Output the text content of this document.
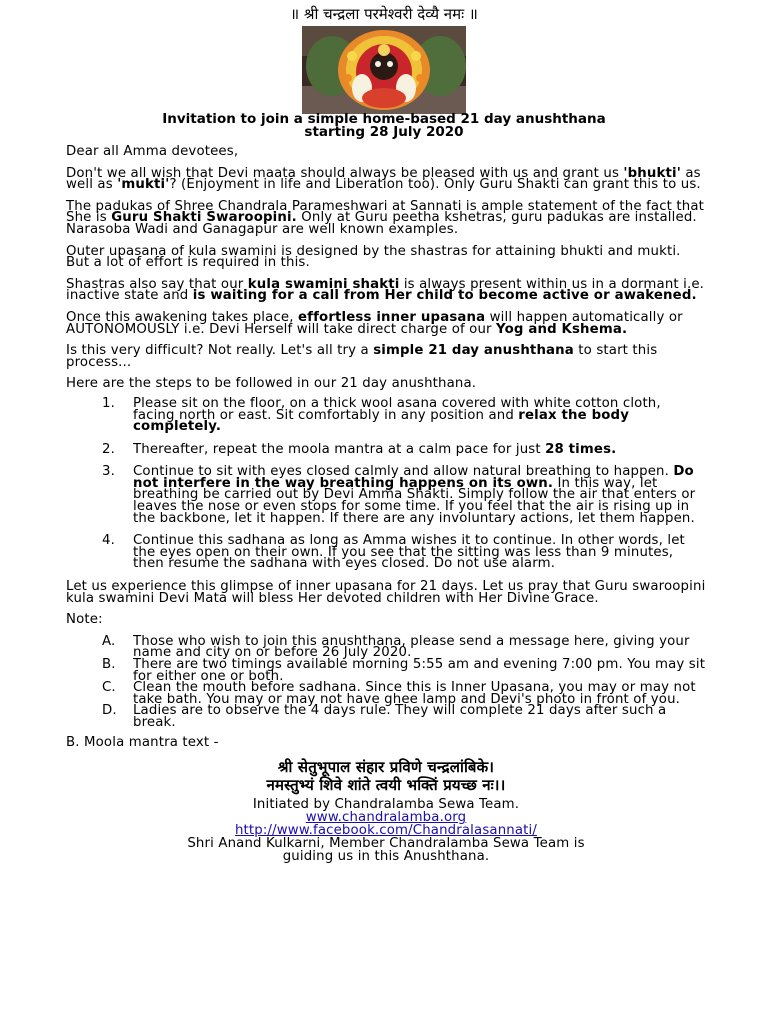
॥ श्री चन्द्रला परमेश्वरी देव्यै नमः ॥
Invitation to join a simple home-based 21 day anushthana
starting 28 July 2020

Dear all Amma devotees,

Don't we all wish that Devi maata should always be pleased with us and grant us 'bhukti' as well as 'mukti'? (Enjoyment in life and Liberation too). Only Guru Shakti can grant this to us.

The padukas of Shree Chandrala Parameshwari at Sannati is ample statement of the fact that She is Guru Shakti Swaroopini. Only at Guru peetha kshetras, guru padukas are installed. Narasoba Wadi and Ganagapur are well known examples.

Outer upasana of kula swamini is designed by the shastras for attaining bhukti and mukti. But a lot of effort is required in this.

Shastras also say that our kula swamini shakti is always present within us in a dormant i.e. inactive state and is waiting for a call from Her child to become active or awakened.

Once this awakening takes place, effortless inner upasana will happen automatically or AUTONOMOUSLY i.e. Devi Herself will take direct charge of our Yog and Kshema.

Is this very difficult? Not really. Let's all try a simple 21 day anushthana to start this process...

Here are the steps to be followed in our 21 day anushthana.

1. Please sit on the floor, on a thick wool asana covered with white cotton cloth, facing north or east. Sit comfortably in any position and relax the body completely.
2. Thereafter, repeat the moola mantra at a calm pace for just 28 times.
3. Continue to sit with eyes closed calmly and allow natural breathing to happen. Do not interfere in the way breathing happens on its own. In this way, let breathing be carried out by Devi Amma Shakti. Simply follow the air that enters or leaves the nose or even stops for some time. If you feel that the air is rising up in the backbone, let it happen. If there are any involuntary actions, let them happen.
4. Continue this sadhana as long as Amma wishes it to continue. In other words, let the eyes open on their own. If you see that the sitting was less than 9 minutes, then resume the sadhana with eyes closed. Do not use alarm.

Let us experience this glimpse of inner upasana for 21 days. Let us pray that Guru swaroopini kula swamini Devi Mata will bless Her devoted children with Her Divine Grace.

Note:

A. Those who wish to join this anushthana, please send a message here, giving your name and city on or before 26 July 2020.
B. There are two timings available morning 5:55 am and evening 7:00 pm. You may sit for either one or both.
C. Clean the mouth before sadhana. Since this is Inner Upasana, you may or may not take bath. You may or may not have ghee lamp and Devi's photo in front of you.
D. Ladies are to observe the 4 days rule. They will complete 21 days after such a break.

B. Moola mantra text -

श्री सेतुभूपाल संहार प्रविणे चन्द्रलांबिके।
नमस्तुभ्यं शिवे शांते त्वयी भक्तिं प्रयच्छ नः।।
Initiated by Chandralamba Sewa Team.
www.chandralamba.org
http://www.facebook.com/Chandralasannati/
Shri Anand Kulkarni, Member Chandralamba Sewa Team is
guiding us in this Anushthana.
